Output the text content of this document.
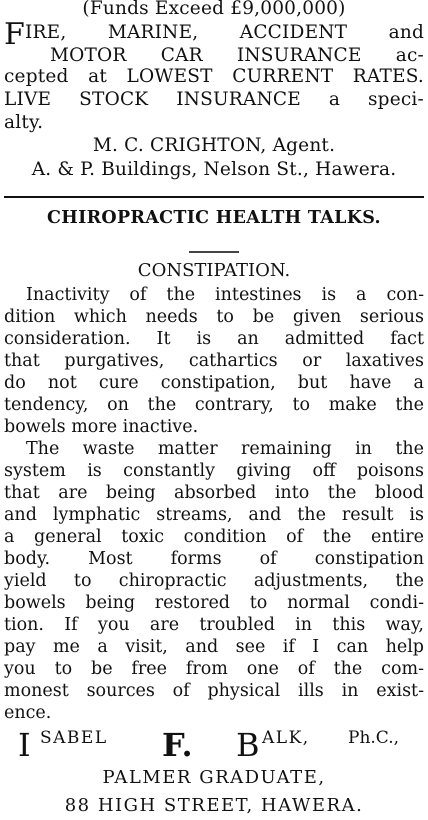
(Funds Exceed £9,000,000)
FIRE, MARINE, ACCIDENT and
MOTOR CAR INSURANCE ac-
cepted at LOWEST CURRENT RATES.
LIVE STOCK INSURANCE a speci-
alty.
M. C. CRIGHTON, Agent.
A. & P. Buildings, Nelson St., Hawera.
CHIROPRACTIC HEALTH TALKS.
CONSTIPATION.
Inactivity of the intestines is a con-
dition which needs to be given serious
consideration. It is an admitted fact
that purgatives, cathartics or laxatives
do not cure constipation, but have a
tendency, on the contrary, to make the
bowels more inactive.
The waste matter remaining in the
system is constantly giving off poisons
that are being absorbed into the blood
and lymphatic streams, and the result is
a general toxic condition of the entire
body. Most forms of constipation
yield to chiropractic adjustments, the
bowels being restored to normal condi-
tion. If you are troubled in this way,
pay me a visit, and see if I can help
you to be free from one of the com-
monest sources of physical ills in exist-
ence.
I SABEL F. B ALK, Ph.C.,
PALMER GRADUATE,
88 HIGH STREET, HAWERA.
